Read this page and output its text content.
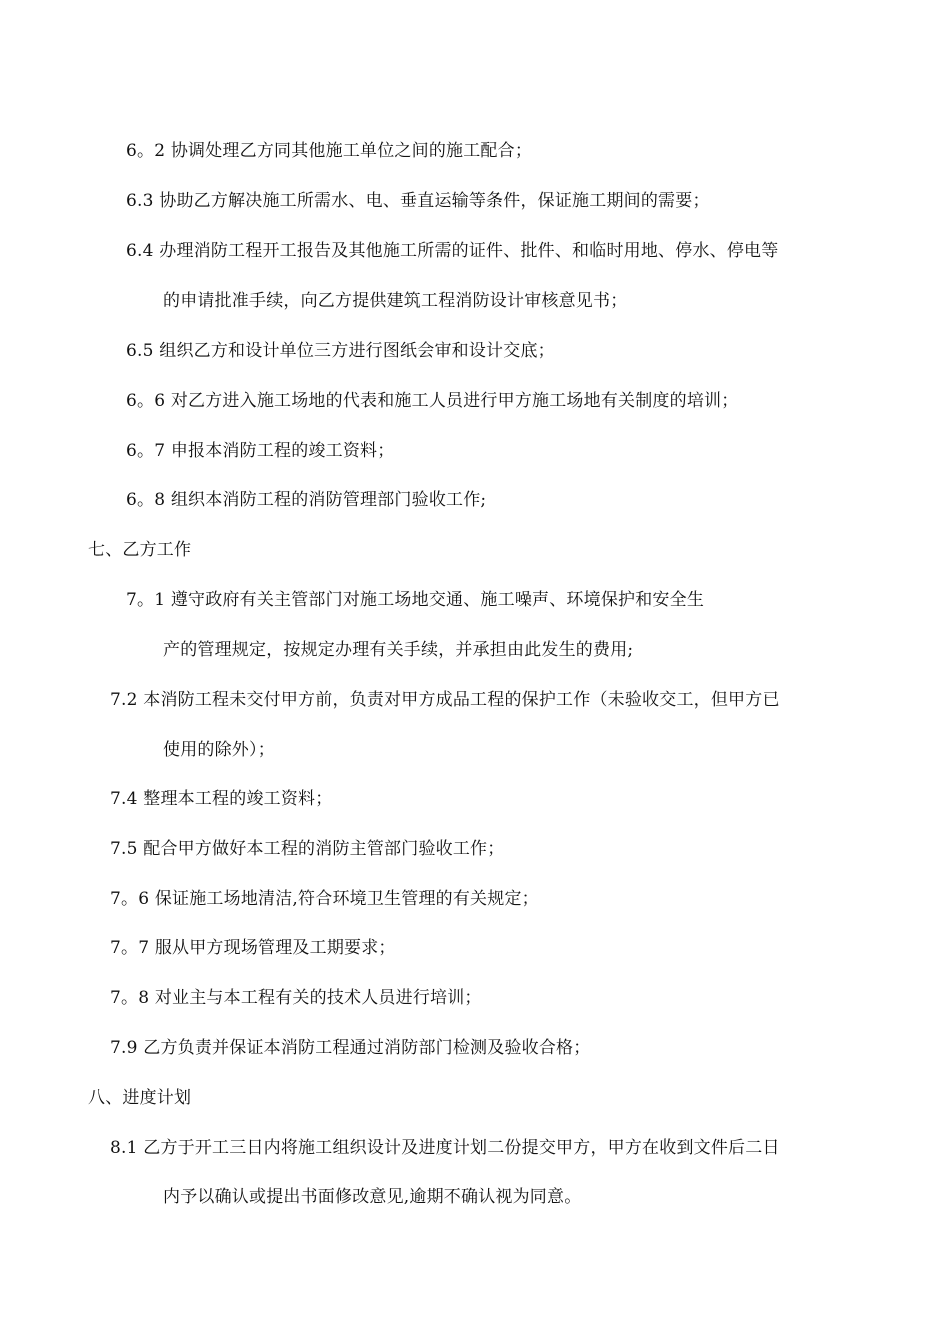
6。2 协调处理乙方同其他施工单位之间的施工配合；
6.3 协助乙方解决施工所需水、电、垂直运输等条件，保证施工期间的需要；
6.4 办理消防工程开工报告及其他施工所需的证件、批件、和临时用地、停水、停电等
的申请批准手续，向乙方提供建筑工程消防设计审核意见书；
6.5 组织乙方和设计单位三方进行图纸会审和设计交底；
6。6 对乙方进入施工场地的代表和施工人员进行甲方施工场地有关制度的培训；
6。7 申报本消防工程的竣工资料；
6。8 组织本消防工程的消防管理部门验收工作;
七、乙方工作
7。1 遵守政府有关主管部门对施工场地交通、施工噪声、环境保护和安全生
产的管理规定，按规定办理有关手续，并承担由此发生的费用;
7.2 本消防工程未交付甲方前，负责对甲方成品工程的保护工作（未验收交工，但甲方已
使用的除外）；
7.4 整理本工程的竣工资料；
7.5 配合甲方做好本工程的消防主管部门验收工作；
7。6 保证施工场地清洁,符合环境卫生管理的有关规定；
7。7 服从甲方现场管理及工期要求；
7。8 对业主与本工程有关的技术人员进行培训；
7.9 乙方负责并保证本消防工程通过消防部门检测及验收合格；
八、进度计划
8.1 乙方于开工三日内将施工组织设计及进度计划二份提交甲方，甲方在收到文件后二日
内予以确认或提出书面修改意见,逾期不确认视为同意。
